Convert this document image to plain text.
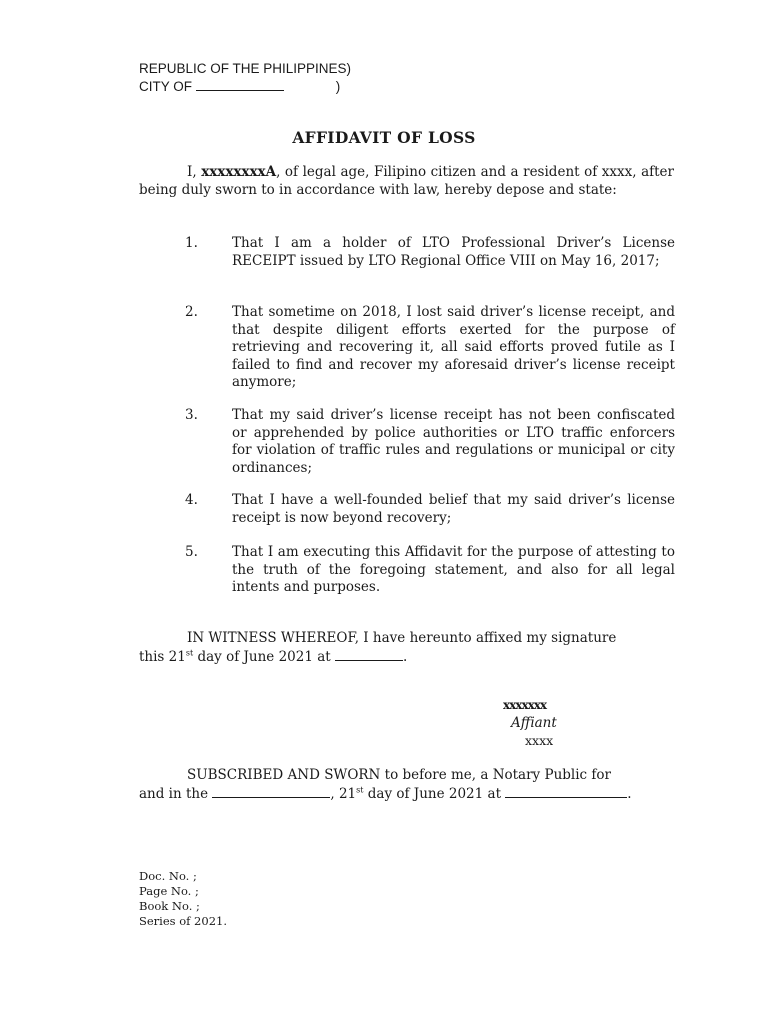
REPUBLIC OF THE PHILIPPINES)
CITY OF	)
AFFIDAVIT OF LOSS
I, xxxxxxxxA, of legal age, Filipino citizen and a resident of xxxx, after being duly sworn to in accordance with law, hereby depose and state:
1.	That I am a holder of LTO Professional Driver’s License RECEIPT issued by LTO Regional Office VIII on May 16, 2017;
2.	That sometime on 2018, I lost said driver’s license receipt, and that despite diligent efforts exerted for the purpose of retrieving and recovering it, all said efforts proved futile as I failed to find and recover my aforesaid driver’s license receipt anymore;
3.	That my said driver’s license receipt has not been confiscated or apprehended by police authorities or LTO traffic enforcers for violation of traffic rules and regulations or municipal or city ordinances;
4.	That I have a well-founded belief that my said driver’s license receipt is now beyond recovery;
5.	That I am executing this Affidavit for the purpose of attesting to the truth of the foregoing statement, and also for all legal intents and purposes.
IN WITNESS WHEREOF, I have hereunto affixed my signature
this 21st day of June 2021 at	.
xxxxxxx
Affiant
xxxx
SUBSCRIBED AND SWORN to before me, a Notary Public for
and in the	, 21st day of June 2021 at	.
Doc. No. ;
Page No. ;
Book No. ;
Series of 2021.
